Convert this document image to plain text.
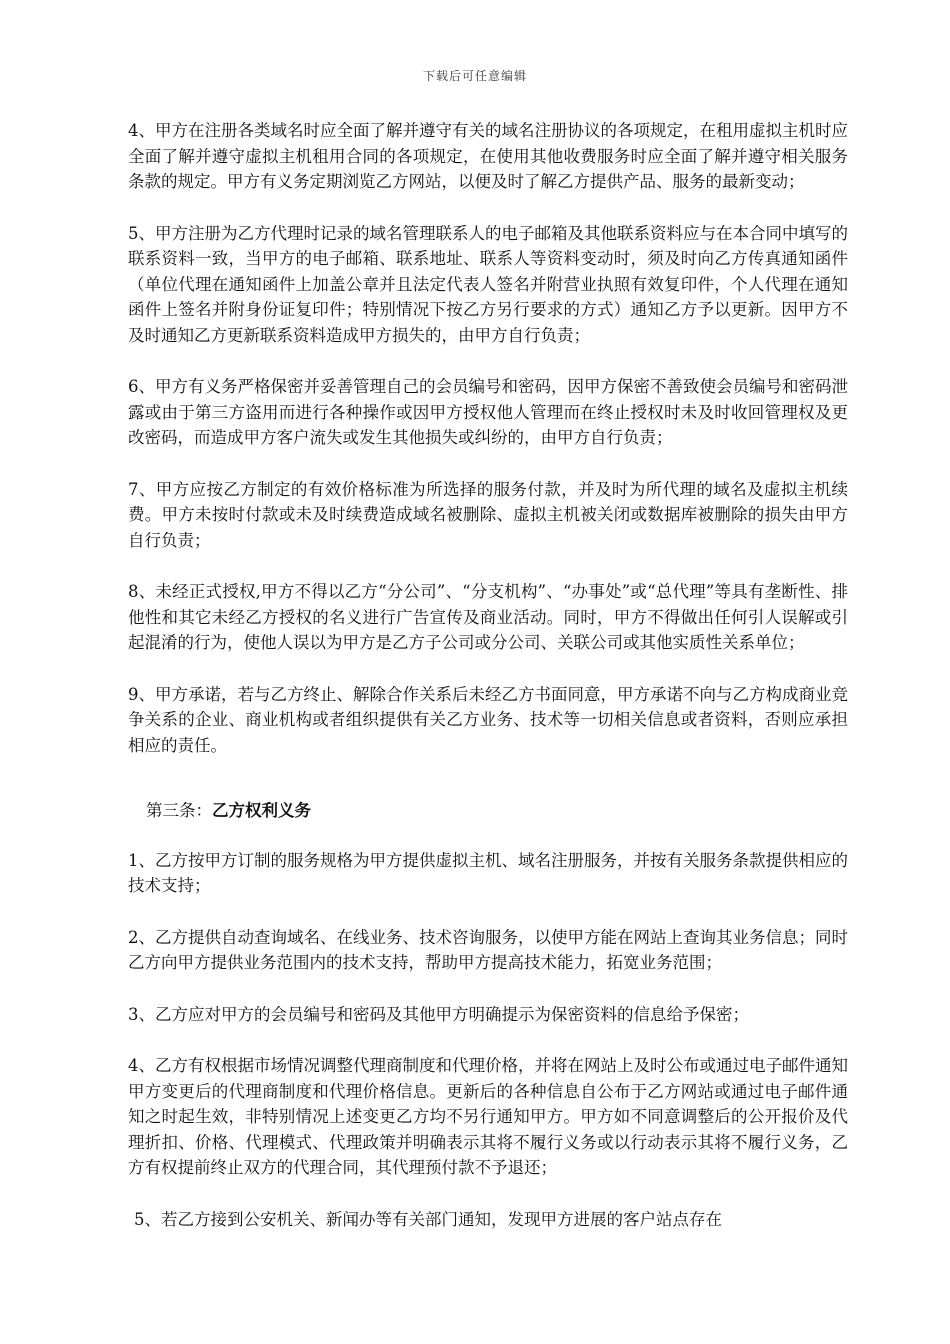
下载后可任意编辑

4、甲方在注册各类域名时应全面了解并遵守有关的域名注册协议的各项规定，在租用虚拟主机时应全面了解并遵守虚拟主机租用合同的各项规定，在使用其他收费服务时应全面了解并遵守相关服务条款的规定。甲方有义务定期浏览乙方网站，以便及时了解乙方提供产品、服务的最新变动；

5、甲方注册为乙方代理时记录的域名管理联系人的电子邮箱及其他联系资料应与在本合同中填写的联系资料一致，当甲方的电子邮箱、联系地址、联系人等资料变动时，须及时向乙方传真通知函件（单位代理在通知函件上加盖公章并且法定代表人签名并附营业执照有效复印件，个人代理在通知函件上签名并附身份证复印件；特别情况下按乙方另行要求的方式）通知乙方予以更新。因甲方不及时通知乙方更新联系资料造成甲方损失的，由甲方自行负责；

6、甲方有义务严格保密并妥善管理自己的会员编号和密码，因甲方保密不善致使会员编号和密码泄露或由于第三方盗用而进行各种操作或因甲方授权他人管理而在终止授权时未及时收回管理权及更改密码，而造成甲方客户流失或发生其他损失或纠纷的，由甲方自行负责；

7、甲方应按乙方制定的有效价格标准为所选择的服务付款，并及时为所代理的域名及虚拟主机续费。甲方未按时付款或未及时续费造成域名被删除、虚拟主机被关闭或数据库被删除的损失由甲方自行负责；

8、未经正式授权,甲方不得以乙方“分公司”、“分支机构”、“办事处”或“总代理”等具有垄断性、排他性和其它未经乙方授权的名义进行广告宣传及商业活动。同时，甲方不得做出任何引人误解或引起混淆的行为，使他人误以为甲方是乙方子公司或分公司、关联公司或其他实质性关系单位；

9、甲方承诺，若与乙方终止、解除合作关系后未经乙方书面同意，甲方承诺不向与乙方构成商业竞争关系的企业、商业机构或者组织提供有关乙方业务、技术等一切相关信息或者资料，否则应承担相应的责任。

第三条：乙方权利义务

1、乙方按甲方订制的服务规格为甲方提供虚拟主机、域名注册服务，并按有关服务条款提供相应的技术支持；

2、乙方提供自动查询域名、在线业务、技术咨询服务，以使甲方能在网站上查询其业务信息；同时乙方向甲方提供业务范围内的技术支持，帮助甲方提高技术能力，拓宽业务范围；

3、乙方应对甲方的会员编号和密码及其他甲方明确提示为保密资料的信息给予保密；

4、乙方有权根据市场情况调整代理商制度和代理价格，并将在网站上及时公布或通过电子邮件通知甲方变更后的代理商制度和代理价格信息。更新后的各种信息自公布于乙方网站或通过电子邮件通知之时起生效，非特别情况上述变更乙方均不另行通知甲方。甲方如不同意调整后的公开报价及代理折扣、价格、代理模式、代理政策并明确表示其将不履行义务或以行动表示其将不履行义务，乙方有权提前终止双方的代理合同，其代理预付款不予退还；

5、若乙方接到公安机关、新闻办等有关部门通知，发现甲方进展的客户站点存在
